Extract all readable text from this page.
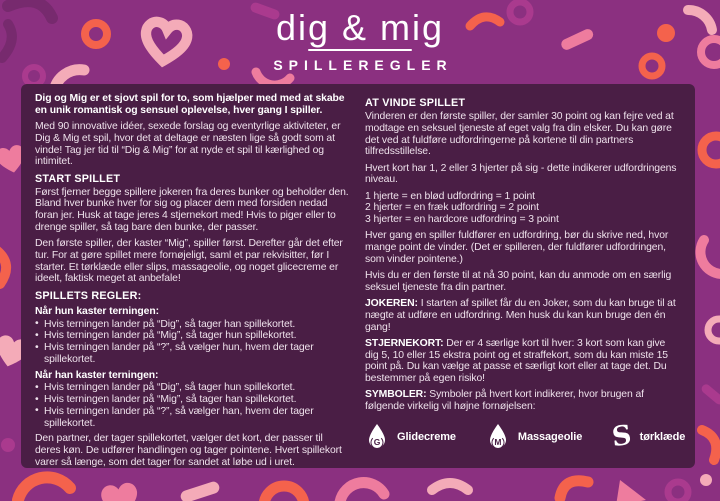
dig & mig
SPILLEREGLER

Dig og Mig er et sjovt spil for to, som hjælper med med at skabe en unik romantisk og sensuel oplevelse, hver gang I spiller.

Med 90 innovative idéer, sexede forslag og eventyrlige aktiviteter, er Dig & Mig et spil, hvor det at deltage er næsten lige så godt som at vinde! Tag jer tid til “Dig & Mig” for at nyde et spil til kærlighed og intimitet.

START SPILLET

Først fjerner begge spillere jokeren fra deres bunker og beholder den. Bland hver bunke hver for sig og placer dem med forsiden nedad foran jer. Husk at tage jeres 4 stjernekort med! Hvis to piger eller to drenge spiller, så tag bare den bunke, der passer.

Den første spiller, der kaster “Mig”, spiller først. Derefter går det efter tur. For at gøre spillet mere fornøjeligt, saml et par rekvisitter, før I starter. Et tørklæde eller slips, massageolie, og noget glicecreme er ideelt, faktisk meget at anbefale!

SPILLETS REGLER:
Når hun kaster terningen:
• Hvis terningen lander på “Dig”, så tager han spillekortet.
• Hvis terningen lander på “Mig”, så tager hun spillekortet.
• Hvis terningen lander på “?”, så vælger hun, hvem der tager spillekortet.
Når han kaster terningen:
• Hvis terningen lander på “Dig”, så tager hun spillekortet.
• Hvis terningen lander på “Mig”, så tager han spillekortet.
• Hvis terningen lander på “?”, så vælger han, hvem der tager spillekortet.

Den partner, der tager spillekortet, vælger det kort, der passer til deres køn. De udfører handlingen og tager pointene. Hvert spillekort varer så længe, som det tager for sandet at løbe ud i uret.

AT VINDE SPILLET

Vinderen er den første spiller, der samler 30 point og kan fejre ved at modtage en seksuel tjeneste af eget valg fra din elsker. Du kan gøre det ved at fuldføre udfordringerne på kortene til din partners tilfredsstillelse.

Hvert kort har 1, 2 eller 3 hjerter på sig - dette indikerer udfordringens niveau.

1 hjerte = en blød udfordring = 1 point
2 hjerter = en fræk udfordring = 2 point
3 hjerter = en hardcore udfordring = 3 point

Hver gang en spiller fuldfører en udfordring, bør du skrive ned, hvor mange point de vinder. (Det er spilleren, der fuldfører udfordringen, som vinder pointene.)

Hvis du er den første til at nå 30 point, kan du anmode om en særlig seksuel tjeneste fra din partner.

JOKEREN: I starten af spillet får du en Joker, som du kan bruge til at nægte at udføre en udfordring. Men husk du kan kun bruge den én gang!

STJERNEKORT: Der er 4 særlige kort til hver: 3 kort som kan give dig 5, 10 eller 15 ekstra point og et straffekort, som du kan miste 15 point på. Du kan vælge at passe et særligt kort eller at tage det. Du bestemmer på egen risiko!

SYMBOLER: Symboler på hvert kort indikerer, hvor brugen af følgende virkelig vil højne fornøjelsen:

G Glidecreme	M Massageolie S tørklæde
